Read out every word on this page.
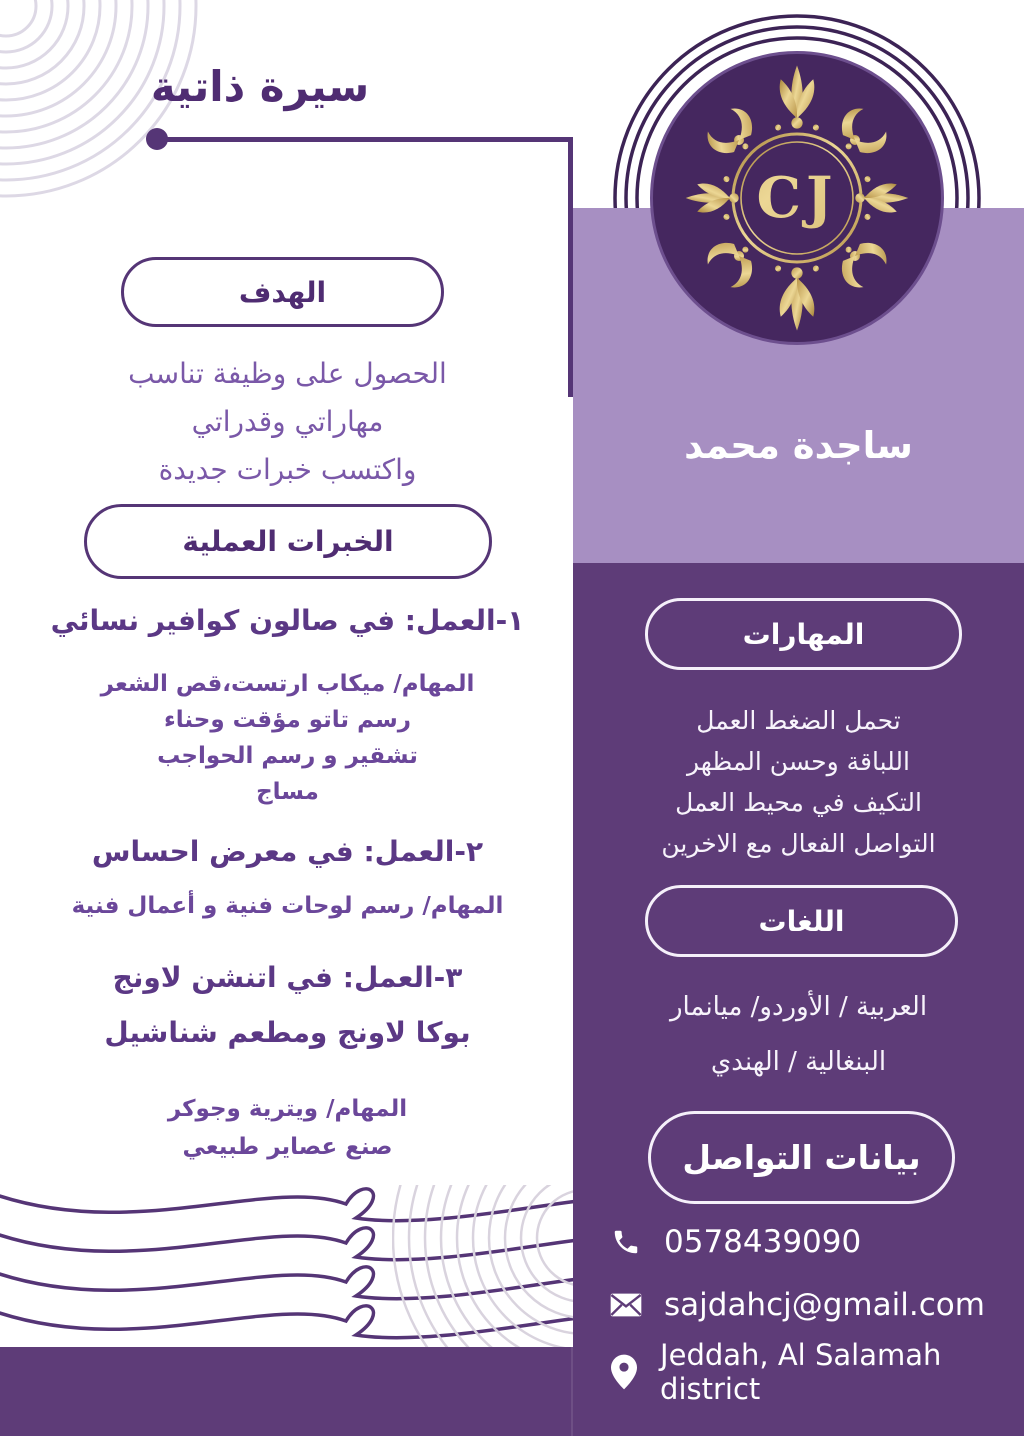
سيرة ذاتية
CJ
الهدف
الحصول على وظيفة تناسب
مهاراتي وقدراتي
واكتسب خبرات جديدة
الخبرات العملية
١-العمل: في صالون كوافير نسائي
المهام/ ميكاب ارتست،قص الشعر
رسم تاتو مؤقت وحناء
تشقير و رسم الحواجب
مساج
٢-العمل: في معرض احساس
المهام/ رسم لوحات فنية و أعمال فنية
٣-العمل: في اتنشن لاونج
بوكا لاونج ومطعم شناشيل
المهام/ ويترية وجوكر
صنع عصاير طبيعي
ساجدة محمد
المهارات
تحمل الضغط العمل
اللباقة وحسن المظهر
التكيف في محيط العمل
التواصل الفعال مع الاخرين
اللغات
العربية / الأوردو/ ميانمار
البنغالية / الهندي
بيانات التواصل
0578439090
sajdahcj@gmail.com
Jeddah, Al Salamah district
